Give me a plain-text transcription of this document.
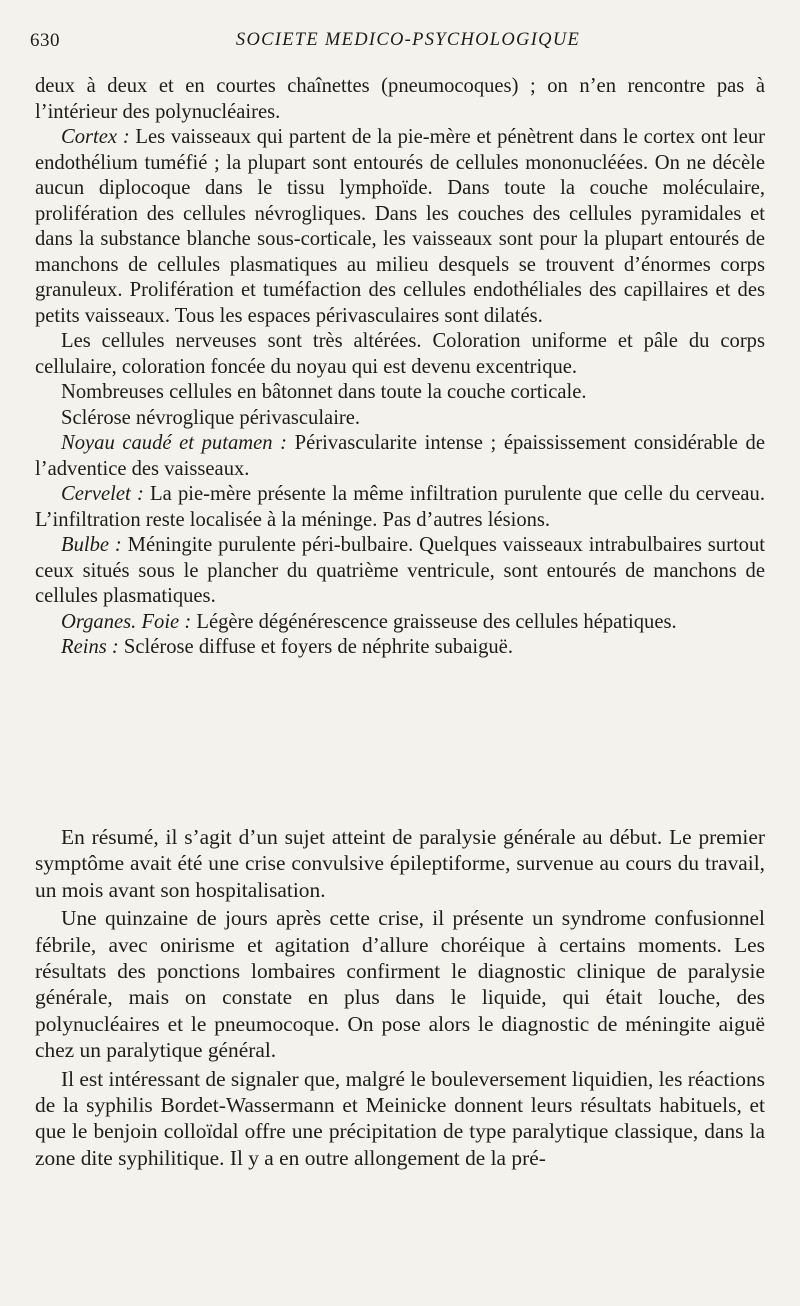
630	SOCIETE MEDICO-PSYCHOLOGIQUE

deux à deux et en courtes chaînettes (pneumocoques) ; on n’en rencontre pas à l’intérieur des polynucléaires.

Cortex : Les vaisseaux qui partent de la pie-mère et pénètrent dans le cortex ont leur endothélium tuméfié ; la plupart sont entourés de cellules mononucléées. On ne décèle aucun diplocoque dans le tissu lymphoïde. Dans toute la couche moléculaire, prolifération des cellules névrogliques. Dans les couches des cellules pyramidales et dans la substance blanche sous-corticale, les vaisseaux sont pour la plupart entourés de manchons de cellules plasmatiques au milieu desquels se trouvent d’énormes corps granuleux. Prolifération et tuméfaction des cellules endothéliales des capillaires et des petits vaisseaux. Tous les espaces périvasculaires sont dilatés.

Les cellules nerveuses sont très altérées. Coloration uniforme et pâle du corps cellulaire, coloration foncée du noyau qui est devenu excentrique.

Nombreuses cellules en bâtonnet dans toute la couche corticale.

Sclérose névroglique périvasculaire.

Noyau caudé et putamen : Périvascularite intense ; épaississement considérable de l’adventice des vaisseaux.

Cervelet : La pie-mère présente la même infiltration purulente que celle du cerveau. L’infiltration reste localisée à la méninge. Pas d’autres lésions.

Bulbe : Méningite purulente péri-bulbaire. Quelques vaisseaux intrabulbaires surtout ceux situés sous le plancher du quatrième ventricule, sont entourés de manchons de cellules plasmatiques.

Organes. Foie : Légère dégénérescence graisseuse des cellules hépatiques.

Reins : Sclérose diffuse et foyers de néphrite subaiguë.

En résumé, il s’agit d’un sujet atteint de paralysie générale au début. Le premier symptôme avait été une crise convulsive épileptiforme, survenue au cours du travail, un mois avant son hospitalisation.

Une quinzaine de jours après cette crise, il présente un syndrome confusionnel fébrile, avec onirisme et agitation d’allure choréique à certains moments. Les résultats des ponctions lombaires confirment le diagnostic clinique de paralysie générale, mais on constate en plus dans le liquide, qui était louche, des polynucléaires et le pneumocoque. On pose alors le diagnostic de méningite aiguë chez un paralytique général.

Il est intéressant de signaler que, malgré le bouleversement liquidien, les réactions de la syphilis Bordet-Wassermann et Meinicke donnent leurs résultats habituels, et que le benjoin colloïdal offre une précipitation de type paralytique classique, dans la zone dite syphilitique. Il y a en outre allongement de la pré-
